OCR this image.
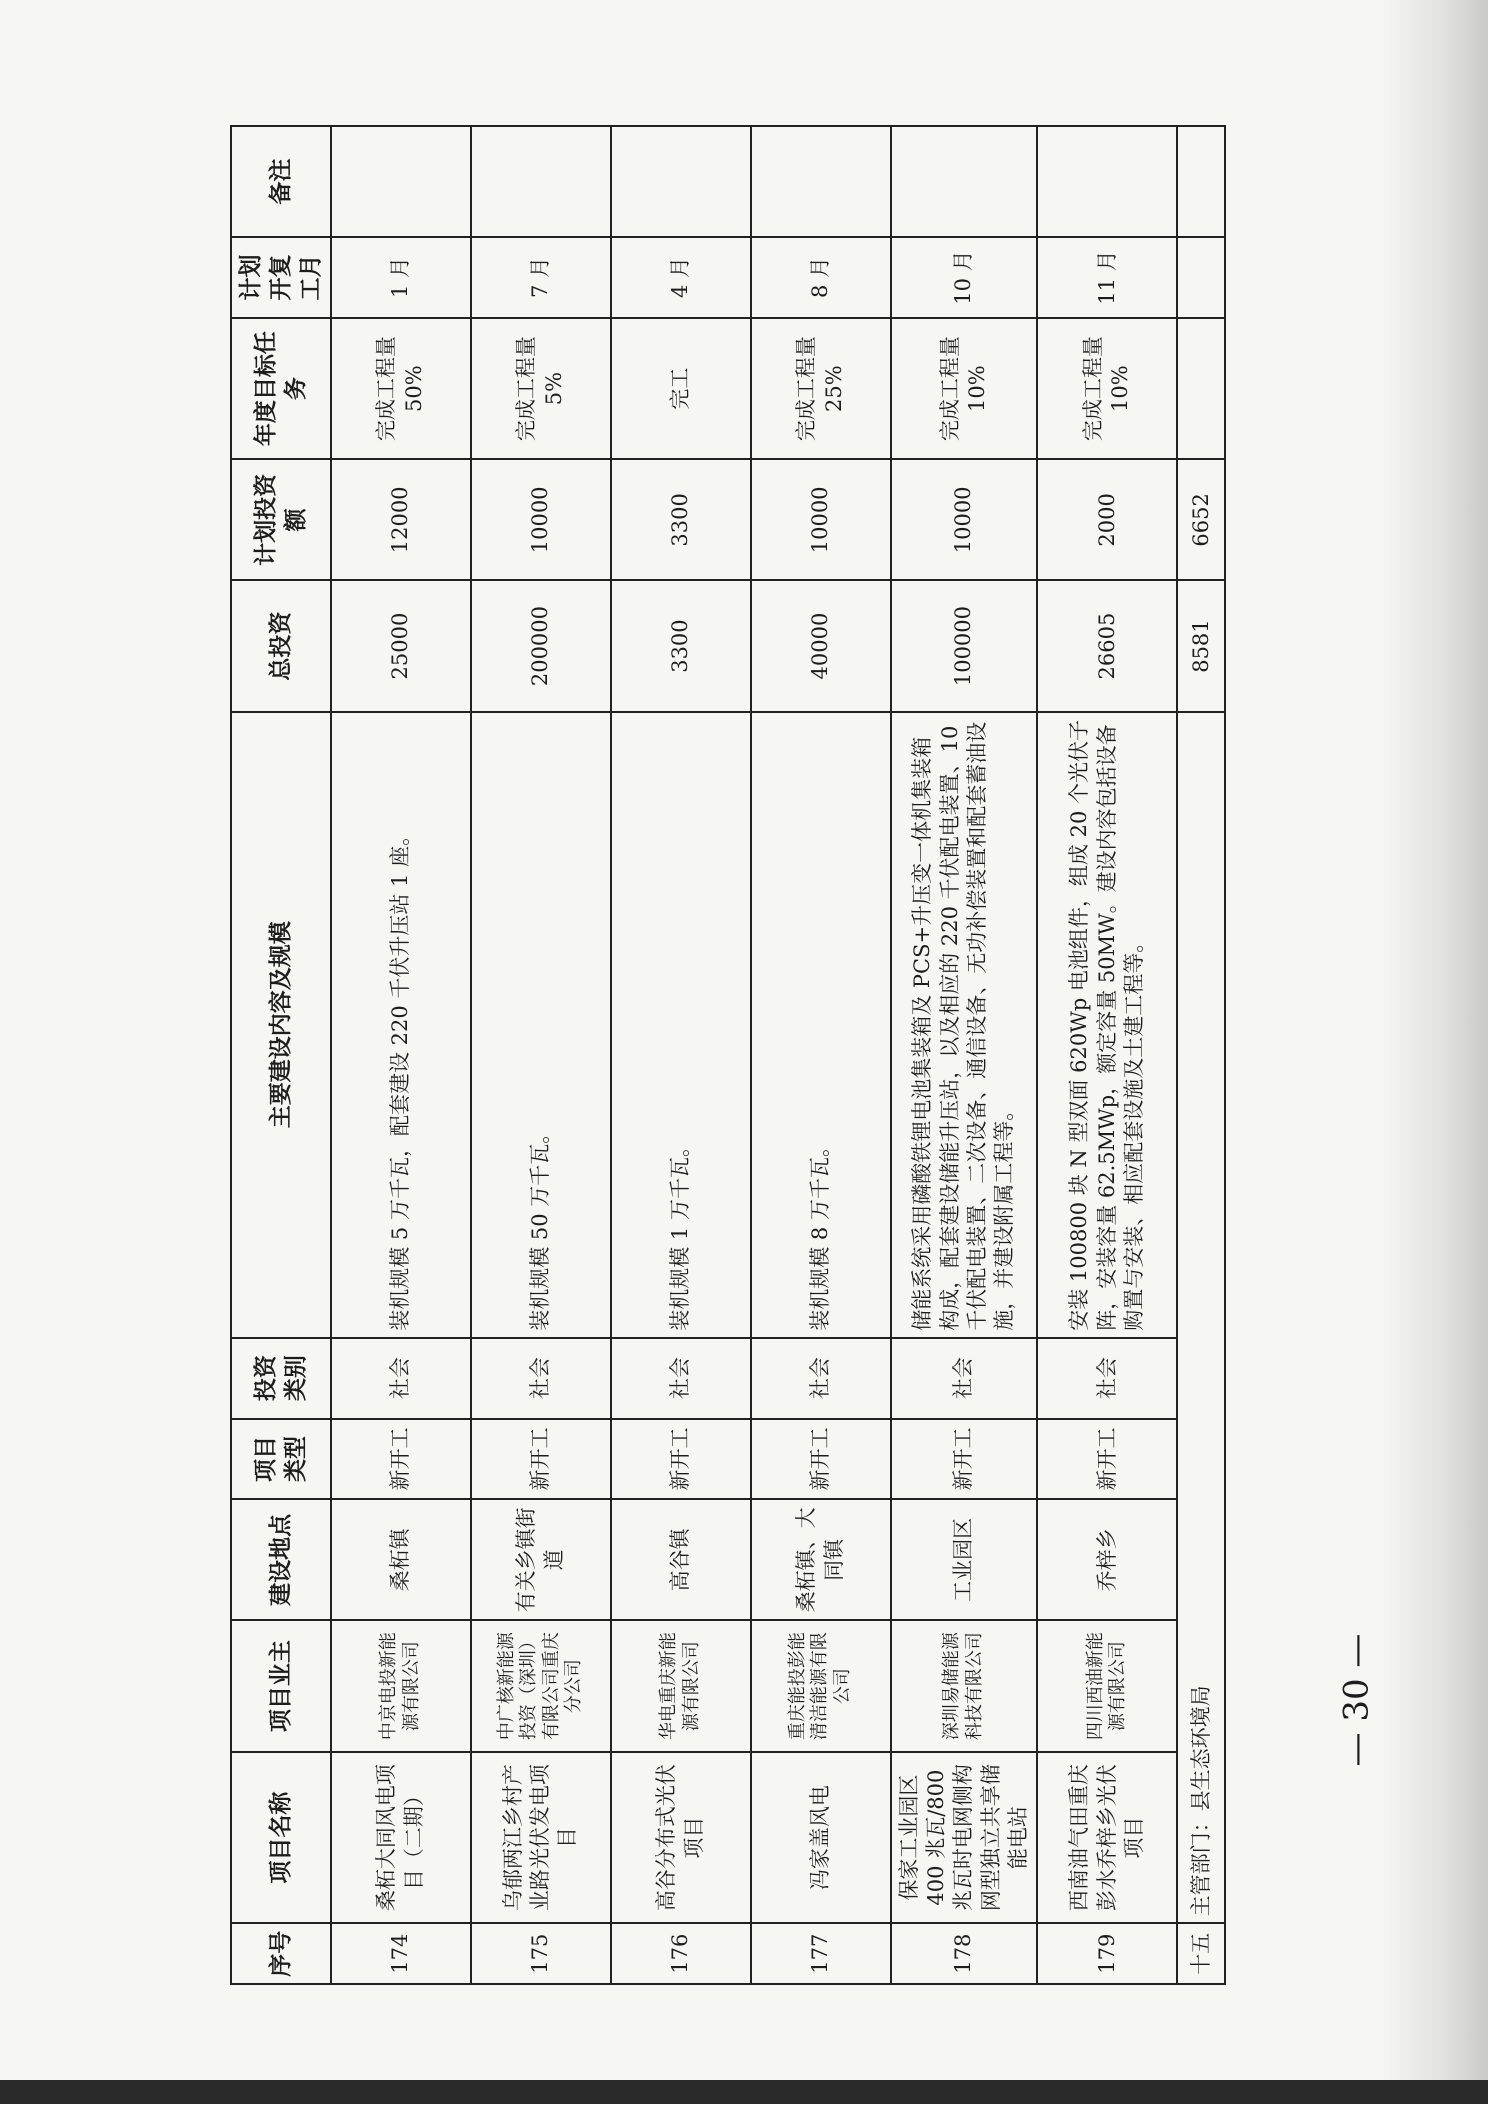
序号	项目名称	项目业主	建设地点	项目类型	投资类别	主要建设内容及规模	总投资	计划投资额	年度目标任务	计划开复工月	备注
174	桑柘大同风电项目（二期）	中京电投新能源有限公司	桑柘镇	新开工	社会	装机规模 5 万千瓦，配套建设 220 千伏升压站 1 座。	25000	12000	完成工程量 50%	1 月	
175	乌郁两江乡村产业路光伏发电项目	中广核新能源投资（深圳）有限公司重庆分公司	有关乡镇街道	新开工	社会	装机规模 50 万千瓦。	200000	10000	完成工程量 5%	7 月	
176	高谷分布式光伏项目	华电重庆新能源有限公司	高谷镇	新开工	社会	装机规模 1 万千瓦。	3300	3300	完工	4 月	
177	冯家盖风电	重庆能投彭能清洁能源有限公司	桑柘镇、大同镇	新开工	社会	装机规模 8 万千瓦。	40000	10000	完成工程量 25%	8 月	
178	保家工业园区 400 兆瓦/800 兆瓦时电网侧构网型独立共享储能电站	深圳易储能源科技有限公司	工业园区	新开工	社会	储能系统采用磷酸铁锂电池集装箱及 PCS+升压变一体机集装箱构成，配套建设储能升压站，以及相应的 220 千伏配电装置、10 千伏配电装置、二次设备、通信设备、无功补偿装置和配套蓄油设施，并建设附属工程等。	100000	10000	完成工程量 10%	10 月	
179	西南油气田重庆彭水乔梓乡光伏项目	四川西油新能源有限公司	乔梓乡	新开工	社会	安装 100800 块 N 型双面 620Wp 电池组件，组成 20 个光伏子阵，安装容量 62.5MWp，额定容量 50MW。建设内容包括设备购置与安装、相应配套设施及土建工程等。	26605	2000	完成工程量 10%	11 月	
十五	主管部门：县生态环境局						8581	6652			
— 30 —
